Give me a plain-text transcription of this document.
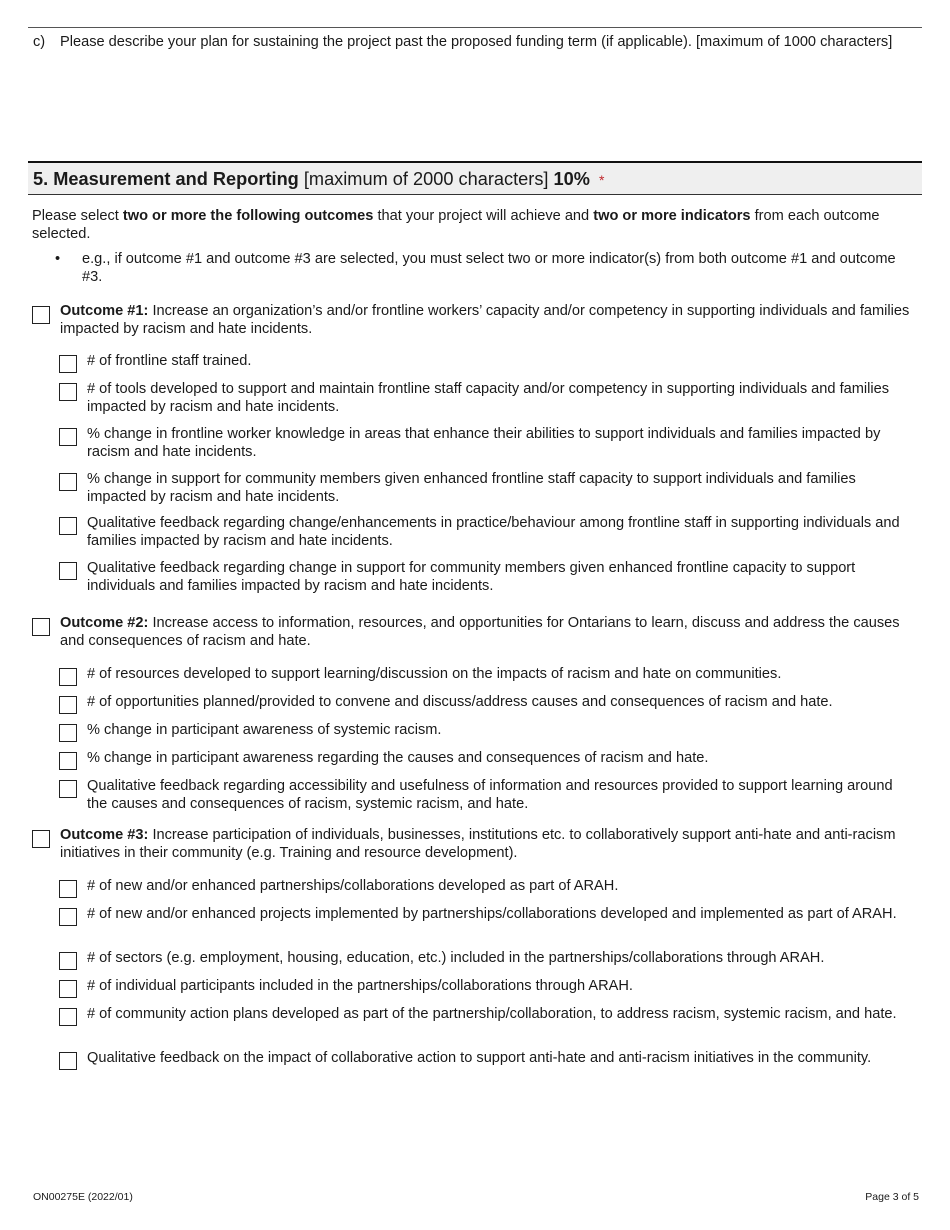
c) Please describe your plan for sustaining the project past the proposed funding term (if applicable). [maximum of 1000 characters]
5. Measurement and Reporting [maximum of 2000 characters] 10% *
Please select two or more the following outcomes that your project will achieve and two or more indicators from each outcome selected.
• e.g., if outcome #1 and outcome #3 are selected, you must select two or more indicator(s) from both outcome #1 and outcome #3.
Outcome #1: Increase an organization’s and/or frontline workers’ capacity and/or competency in supporting individuals and families impacted by racism and hate incidents.
# of frontline staff trained.
# of tools developed to support and maintain frontline staff capacity and/or competency in supporting individuals and families impacted by racism and hate incidents.
% change in frontline worker knowledge in areas that enhance their abilities to support individuals and families impacted by racism and hate incidents.
% change in support for community members given enhanced frontline staff capacity to support individuals and families impacted by racism and hate incidents.
Qualitative feedback regarding change/enhancements in practice/behaviour among frontline staff in supporting individuals and families impacted by racism and hate incidents.
Qualitative feedback regarding change in support for community members given enhanced frontline capacity to support individuals and families impacted by racism and hate incidents.
Outcome #2: Increase access to information, resources, and opportunities for Ontarians to learn, discuss and address the causes and consequences of racism and hate.
# of resources developed to support learning/discussion on the impacts of racism and hate on communities.
# of opportunities planned/provided to convene and discuss/address causes and consequences of racism and hate.
% change in participant awareness of systemic racism.
% change in participant awareness regarding the causes and consequences of racism and hate.
Qualitative feedback regarding accessibility and usefulness of information and resources provided to support learning around the causes and consequences of racism, systemic racism, and hate.
Outcome #3: Increase participation of individuals, businesses, institutions etc. to collaboratively support anti-hate and anti-racism initiatives in their community (e.g. Training and resource development).
# of new and/or enhanced partnerships/collaborations developed as part of ARAH.
# of new and/or enhanced projects implemented by partnerships/collaborations developed and implemented as part of ARAH.
# of sectors (e.g. employment, housing, education, etc.) included in the partnerships/collaborations through ARAH.
# of individual participants included in the partnerships/collaborations through ARAH.
# of community action plans developed as part of the partnership/collaboration, to address racism, systemic racism, and hate.
Qualitative feedback on the impact of collaborative action to support anti-hate and anti-racism initiatives in the community.
ON00275E (2022/01)	Page 3 of 5
